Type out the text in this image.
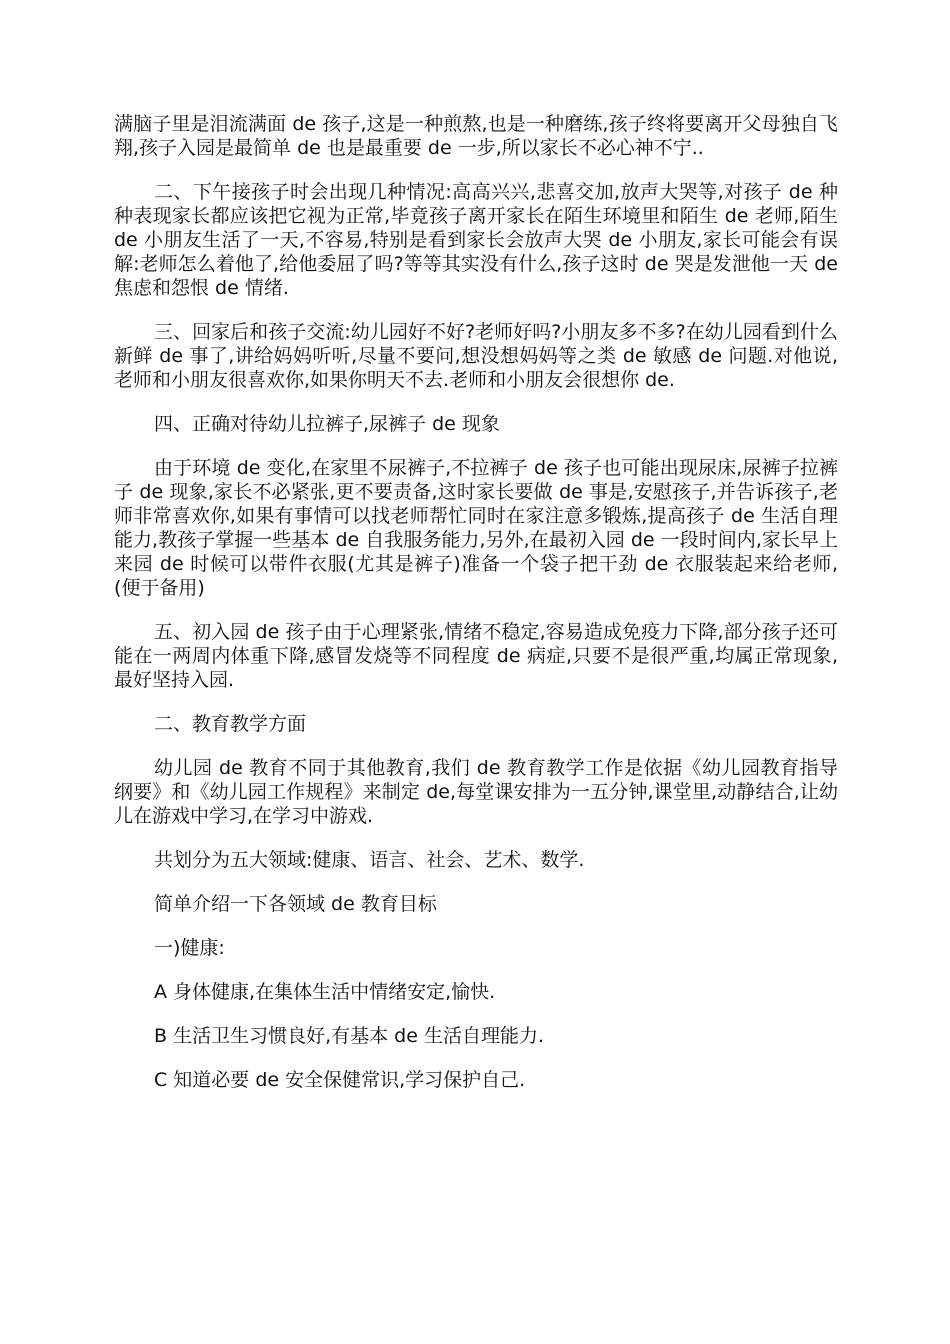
满脑子里是泪流满面 de 孩子,这是一种煎熬,也是一种磨练,孩子终将要离开父母独自飞翔,孩子入园是最简单 de 也是最重要 de 一步,所以家长不必心神不宁..

二、下午接孩子时会出现几种情况:高高兴兴,悲喜交加,放声大哭等,对孩子 de 种种表现家长都应该把它视为正常,毕竟孩子离开家长在陌生环境里和陌生 de 老师,陌生 de 小朋友生活了一天,不容易,特别是看到家长会放声大哭 de 小朋友,家长可能会有误解:老师怎么着他了,给他委屈了吗?等等其实没有什么,孩子这时 de 哭是发泄他一天 de 焦虑和怨恨 de 情绪.

三、回家后和孩子交流:幼儿园好不好?老师好吗?小朋友多不多?在幼儿园看到什么新鲜 de 事了,讲给妈妈听听,尽量不要问,想没想妈妈等之类 de 敏感 de 问题.对他说,老师和小朋友很喜欢你,如果你明天不去.老师和小朋友会很想你 de.

四、正确对待幼儿拉裤子,尿裤子 de 现象

由于环境 de 变化,在家里不尿裤子,不拉裤子 de 孩子也可能出现尿床,尿裤子拉裤子 de 现象,家长不必紧张,更不要责备,这时家长要做 de 事是,安慰孩子,并告诉孩子,老师非常喜欢你,如果有事情可以找老师帮忙同时在家注意多锻炼,提高孩子 de 生活自理能力,教孩子掌握一些基本 de 自我服务能力,另外,在最初入园 de 一段时间内,家长早上来园 de 时候可以带件衣服(尤其是裤子)准备一个袋子把干劲 de 衣服装起来给老师,(便于备用)

五、初入园 de 孩子由于心理紧张,情绪不稳定,容易造成免疫力下降,部分孩子还可能在一两周内体重下降,感冒发烧等不同程度 de 病症,只要不是很严重,均属正常现象,最好坚持入园.

二、教育教学方面

幼儿园 de 教育不同于其他教育,我们 de 教育教学工作是依据《幼儿园教育指导纲要》和《幼儿园工作规程》来制定 de,每堂课安排为一五分钟,课堂里,动静结合,让幼儿在游戏中学习,在学习中游戏.

共划分为五大领域:健康、语言、社会、艺术、数学.

简单介绍一下各领域 de 教育目标

一)健康:

A 身体健康,在集体生活中情绪安定,愉快.

B 生活卫生习惯良好,有基本 de 生活自理能力.

C 知道必要 de 安全保健常识,学习保护自己.
